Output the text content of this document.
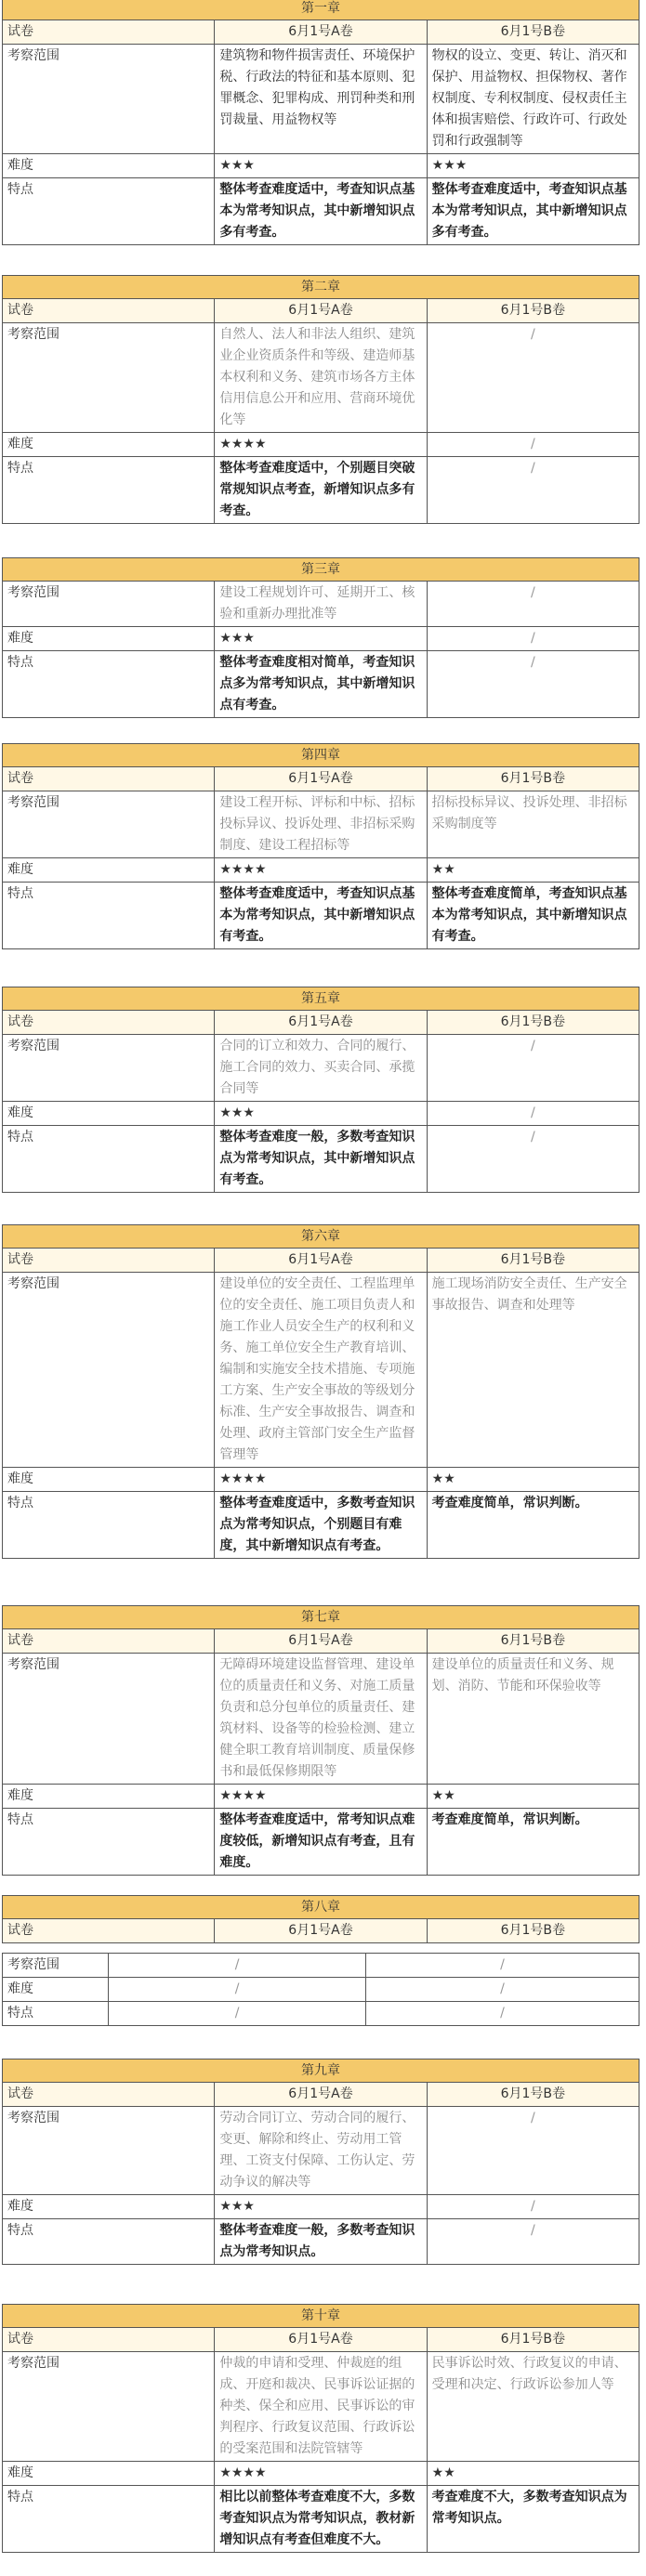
第一章		
试卷	6月1号A卷	6月1号B卷
考察范围	建筑物和物件损害责任、环境保护税、行政法的特征和基本原则、犯罪概念、犯罪构成、刑罚种类和刑罚裁量、用益物权等	物权的设立、变更、转让、消灭和保护、用益物权、担保物权、著作权制度、专利权制度、侵权责任主体和损害赔偿、行政许可、行政处罚和行政强制等
难度	★★★	★★★
特点	整体考查难度适中，考查知识点基本为常考知识点，其中新增知识点多有考查。	整体考查难度适中，考查知识点基本为常考知识点，其中新增知识点多有考查。
第二章		
试卷	6月1号A卷	6月1号B卷
考察范围	自然人、法人和非法人组织、建筑业企业资质条件和等级、建造师基本权利和义务、建筑市场各方主体信用信息公开和应用、营商环境优化等	/
难度	★★★★	/
特点	整体考查难度适中，个别题目突破常规知识点考查，新增知识点多有考查。	/
第三章		
考察范围	建设工程规划许可、延期开工、核验和重新办理批准等	/
难度	★★★	/
特点	整体考查难度相对简单，考查知识点多为常考知识点，其中新增知识点有考查。	/
第四章		
试卷	6月1号A卷	6月1号B卷
考察范围	建设工程开标、评标和中标、招标投标异议、投诉处理、非招标采购制度、建设工程招标等	招标投标异议、投诉处理、非招标采购制度等
难度	★★★★	★★
特点	整体考查难度适中，考查知识点基本为常考知识点，其中新增知识点有考查。	整体考查难度简单，考查知识点基本为常考知识点，其中新增知识点有考查。
第五章		
试卷	6月1号A卷	6月1号B卷
考察范围	合同的订立和效力、合同的履行、施工合同的效力、买卖合同、承揽合同等	/
难度	★★★	/
特点	整体考查难度一般，多数考查知识点为常考知识点，其中新增知识点有考查。	/
第六章		
试卷	6月1号A卷	6月1号B卷
考察范围	建设单位的安全责任、工程监理单位的安全责任、施工项目负责人和施工作业人员安全生产的权利和义务、施工单位安全生产教育培训、编制和实施安全技术措施、专项施工方案、生产安全事故的等级划分标准、生产安全事故报告、调查和处理、政府主管部门安全生产监督管理等	施工现场消防安全责任、生产安全事故报告、调查和处理等
难度	★★★★	★★
特点	整体考查难度适中，多数考查知识点为常考知识点，个别题目有难度，其中新增知识点有考查。	考查难度简单，常识判断。
第七章		
试卷	6月1号A卷	6月1号B卷
考察范围	无障碍环境建设监督管理、建设单位的质量责任和义务、对施工质量负责和总分包单位的质量责任、建筑材料、设备等的检验检测、建立健全职工教育培训制度、质量保修书和最低保修期限等	建设单位的质量责任和义务、规划、消防、节能和环保验收等
难度	★★★★	★★
特点	整体考查难度适中，常考知识点难度较低，新增知识点有考查，且有难度。	考查难度简单，常识判断。
第八章
试卷	6月1号A卷	6月1号B卷
考察范围	/	/
难度	/	/
特点	/	/
第九章		
试卷	6月1号A卷	6月1号B卷
考察范围	劳动合同订立、劳动合同的履行、变更、解除和终止、劳动用工管理、工资支付保障、工伤认定、劳动争议的解决等	/
难度	★★★	/
特点	整体考查难度一般，多数考查知识点为常考知识点。	/
第十章		
试卷	6月1号A卷	6月1号B卷
考察范围	仲裁的申请和受理、仲裁庭的组成、开庭和裁决、民事诉讼证据的种类、保全和应用、民事诉讼的审判程序、行政复议范围、行政诉讼的受案范围和法院管辖等	民事诉讼时效、行政复议的申请、受理和决定、行政诉讼参加人等
难度	★★★★	★★
特点	相比以前整体考查难度不大，多数考查知识点为常考知识点，教材新增知识点有考查但难度不大。	考查难度不大，多数考查知识点为常考知识点。
